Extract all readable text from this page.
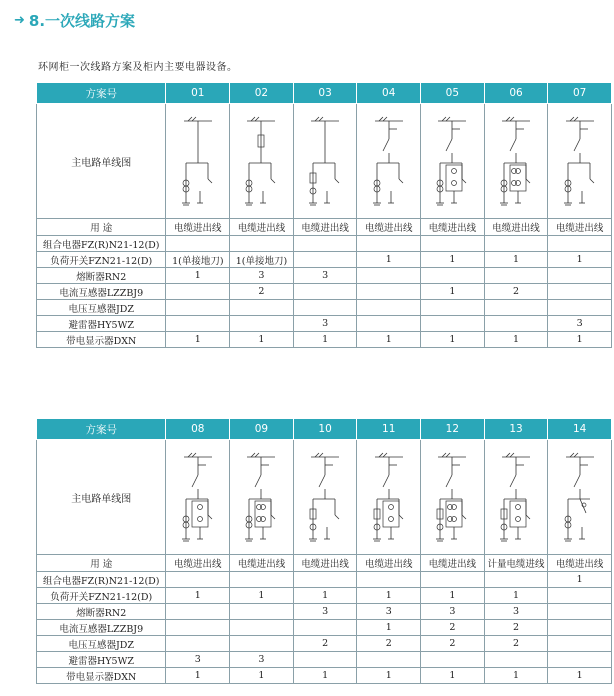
➜ 8.一次线路方案
环网柜一次线路方案及柜内主要电器设备。
方案号	01	02	03	04	05	06	07
主电路单线图	

用 途	电缆进出线	电缆进出线	电缆进出线	电缆进出线	电缆进出线	电缆进出线	电缆进出线
组合电器FZ(R)N21-12(D)							
负荷开关FZN21-12(D)	1(单接地刀)	1(单接地刀)		1	1	1	1
熔断器RN2	1	3	3				
电流互感器LZZBJ9		2			1	2	
电压互感器JDZ							
避雷器HY5WZ			3				3
带电显示器DXN	1	1	1	1	1	1	1
方案号	08	09	10	11	12	13	14
主电路单线图	

用 途	电缆进出线	电缆进出线	电缆进出线	电缆进出线	电缆进出线	计量电缆进线	电缆进出线
组合电器FZ(R)N21-12(D)							1
负荷开关FZN21-12(D)	1	1	1	1	1	1	
熔断器RN2			3	3	3	3	
电流互感器LZZBJ9				1	2	2	
电压互感器JDZ			2	2	2	2	
避雷器HY5WZ	3	3					
带电显示器DXN	1	1	1	1	1	1	1
